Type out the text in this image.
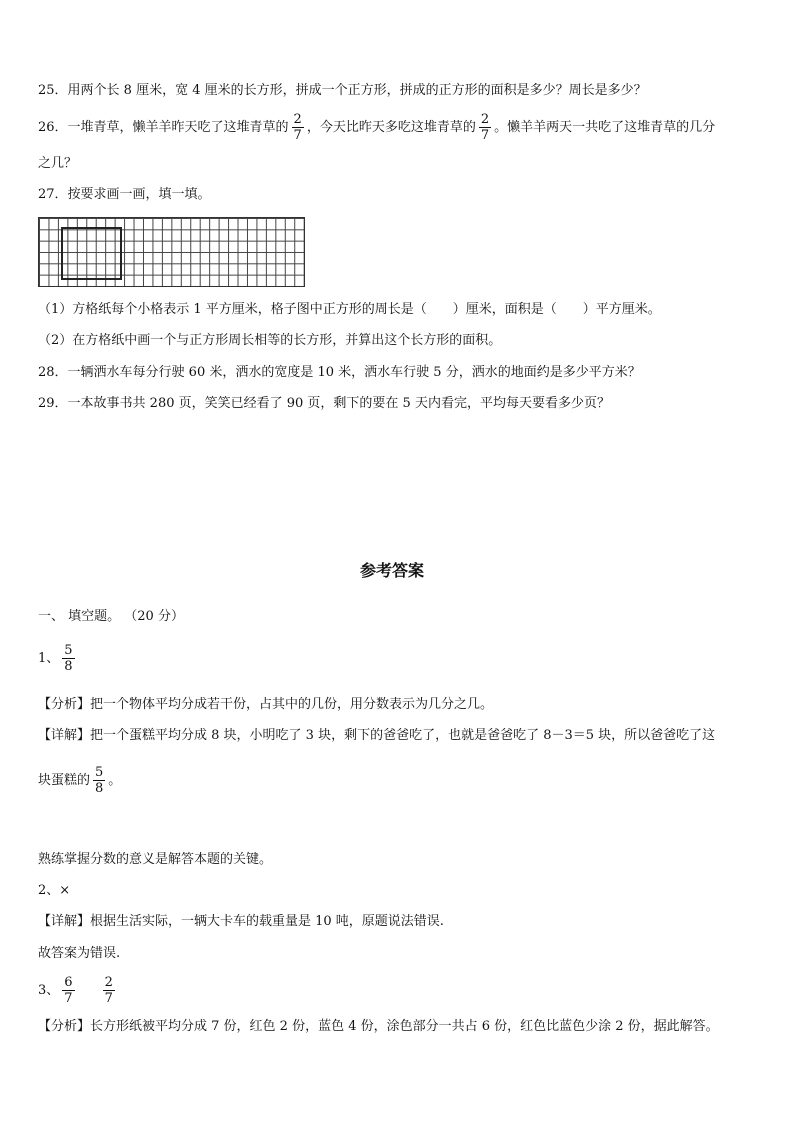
25．用两个长 8 厘米，宽 4 厘米的长方形，拼成一个正方形，拼成的正方形的面积是多少？周长是多少？
26．一堆青草，懒羊羊昨天吃了这堆青草的 $\frac{2}{7}$ ，今天比昨天多吃这堆青草的 $\frac{2}{7}$ 。懒羊羊两天一共吃了这堆青草的几分
之几？
27．按要求画一画，填一填。
（1）方格纸每个小格表示 1 平方厘米，格子图中正方形的周长是（　　）厘米，面积是（　　）平方厘米。
（2）在方格纸中画一个与正方形周长相等的长方形，并算出这个长方形的面积。
28．一辆洒水车每分行驶 60 米，洒水的宽度是 10 米，洒水车行驶 5 分，洒水的地面约是多少平方米？
29．一本故事书共 280 页，笑笑已经看了 90 页，剩下的要在 5 天内看完，平均每天要看多少页？
参考答案
一、 填空题。 （20 分）
1、 $\frac{5}{8}$
【分析】把一个物体平均分成若干份，占其中的几份，用分数表示为几分之几。
【详解】把一个蛋糕平均分成 8 块，小明吃了 3 块，剩下的爸爸吃了，也就是爸爸吃了 8－3＝5 块，所以爸爸吃了这
块蛋糕的 $\frac{5}{8}$ 。
熟练掌握分数的意义是解答本题的关键。
2、×
【详解】根据生活实际，一辆大卡车的载重量是 10 吨，原题说法错误.
故答案为错误.
3、 $\frac{6}{7} \frac{2}{7}$
【分析】长方形纸被平均分成 7 份，红色 2 份，蓝色 4 份，涂色部分一共占 6 份，红色比蓝色少涂 2 份，据此解答。
